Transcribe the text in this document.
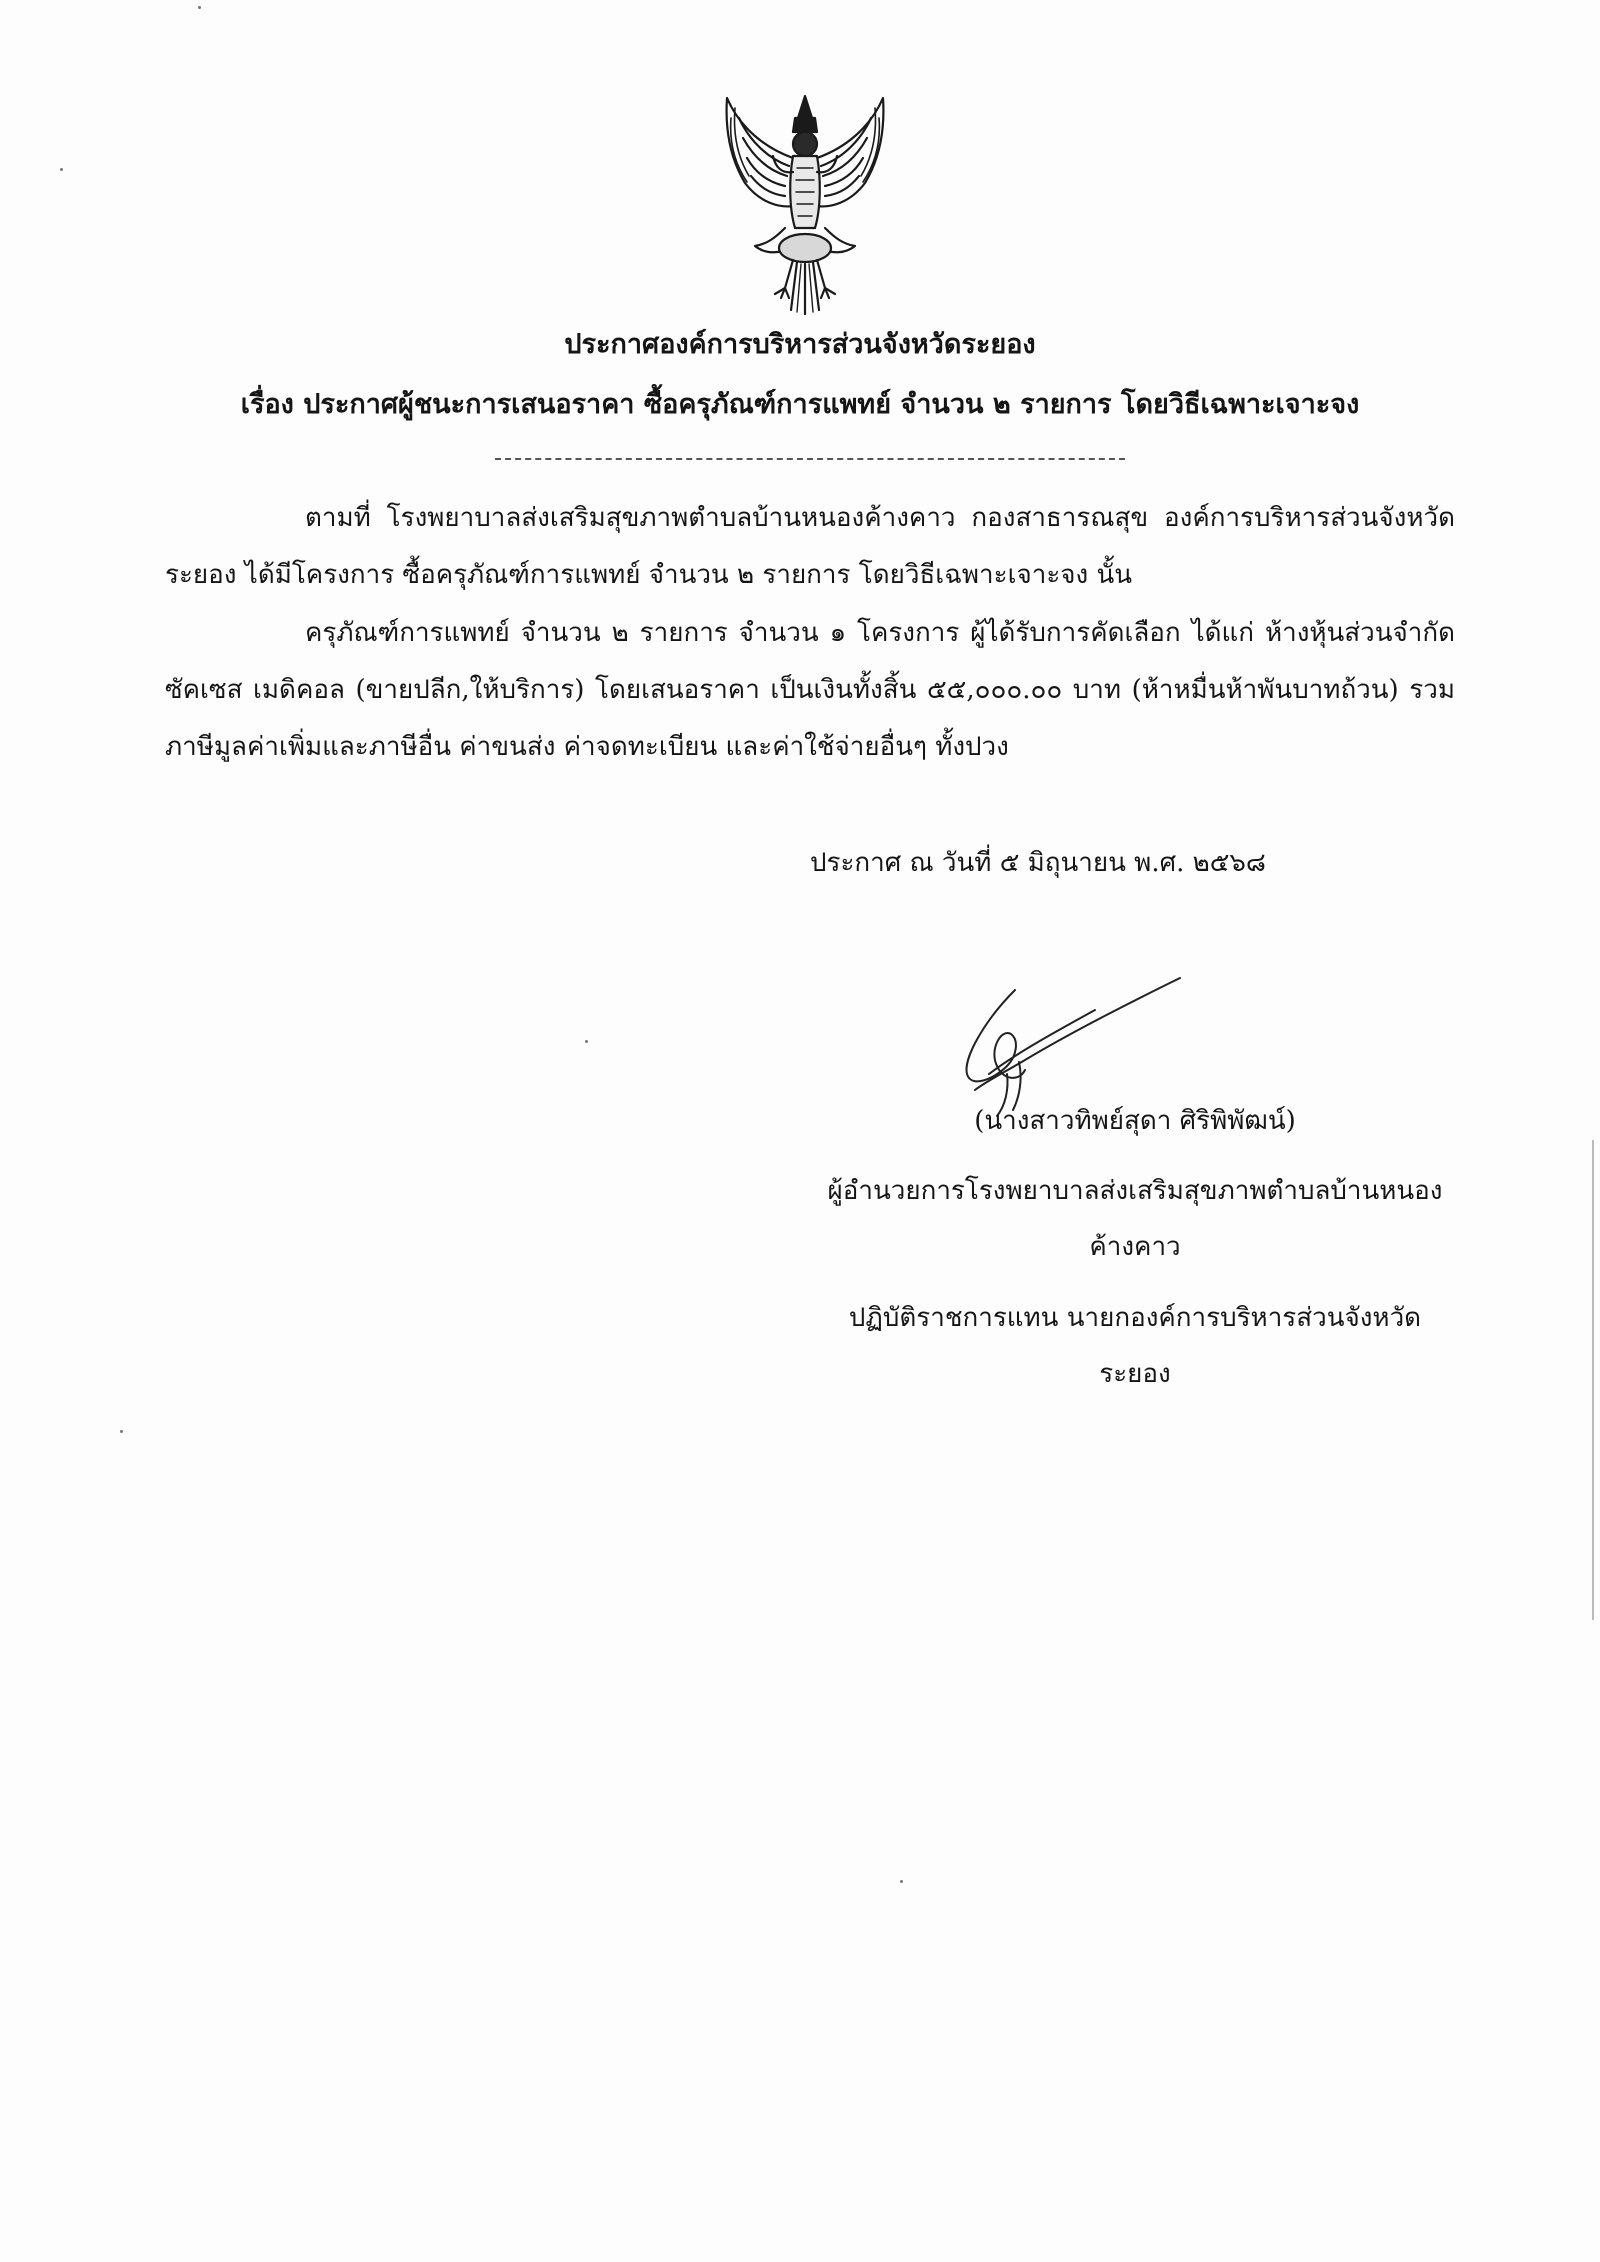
ประกาศองค์การบริหารส่วนจังหวัดระยอง
เรื่อง ประกาศผู้ชนะการเสนอราคา ซื้อครุภัณฑ์การแพทย์ จำนวน ๒ รายการ โดยวิธีเฉพาะเจาะจง
ตามที่ โรงพยาบาลส่งเสริมสุขภาพตำบลบ้านหนองค้างคาว กองสาธารณสุข องค์การบริหารส่วนจังหวัดระยอง ได้มีโครงการ ซื้อครุภัณฑ์การแพทย์ จำนวน ๒ รายการ โดยวิธีเฉพาะเจาะจง นั้น
ครุภัณฑ์การแพทย์ จำนวน ๒ รายการ จำนวน ๑ โครงการ ผู้ได้รับการคัดเลือก ได้แก่ ห้างหุ้นส่วนจำกัด ซัคเซส เมดิคอล (ขายปลีก,ให้บริการ) โดยเสนอราคา เป็นเงินทั้งสิ้น ๕๕,๐๐๐.๐๐ บาท (ห้าหมื่นห้าพันบาทถ้วน) รวมภาษีมูลค่าเพิ่มและภาษีอื่น ค่าขนส่ง ค่าจดทะเบียน และค่าใช้จ่ายอื่นๆ ทั้งปวง
ประกาศ ณ วันที่ ๕ มิถุนายน พ.ศ. ๒๕๖๘
(นางสาวทิพย์สุดา ศิริพิพัฒน์)
ผู้อำนวยการโรงพยาบาลส่งเสริมสุขภาพตำบลบ้านหนอง
ค้างคาว
ปฏิบัติราชการแทน นายกองค์การบริหารส่วนจังหวัด
ระยอง
